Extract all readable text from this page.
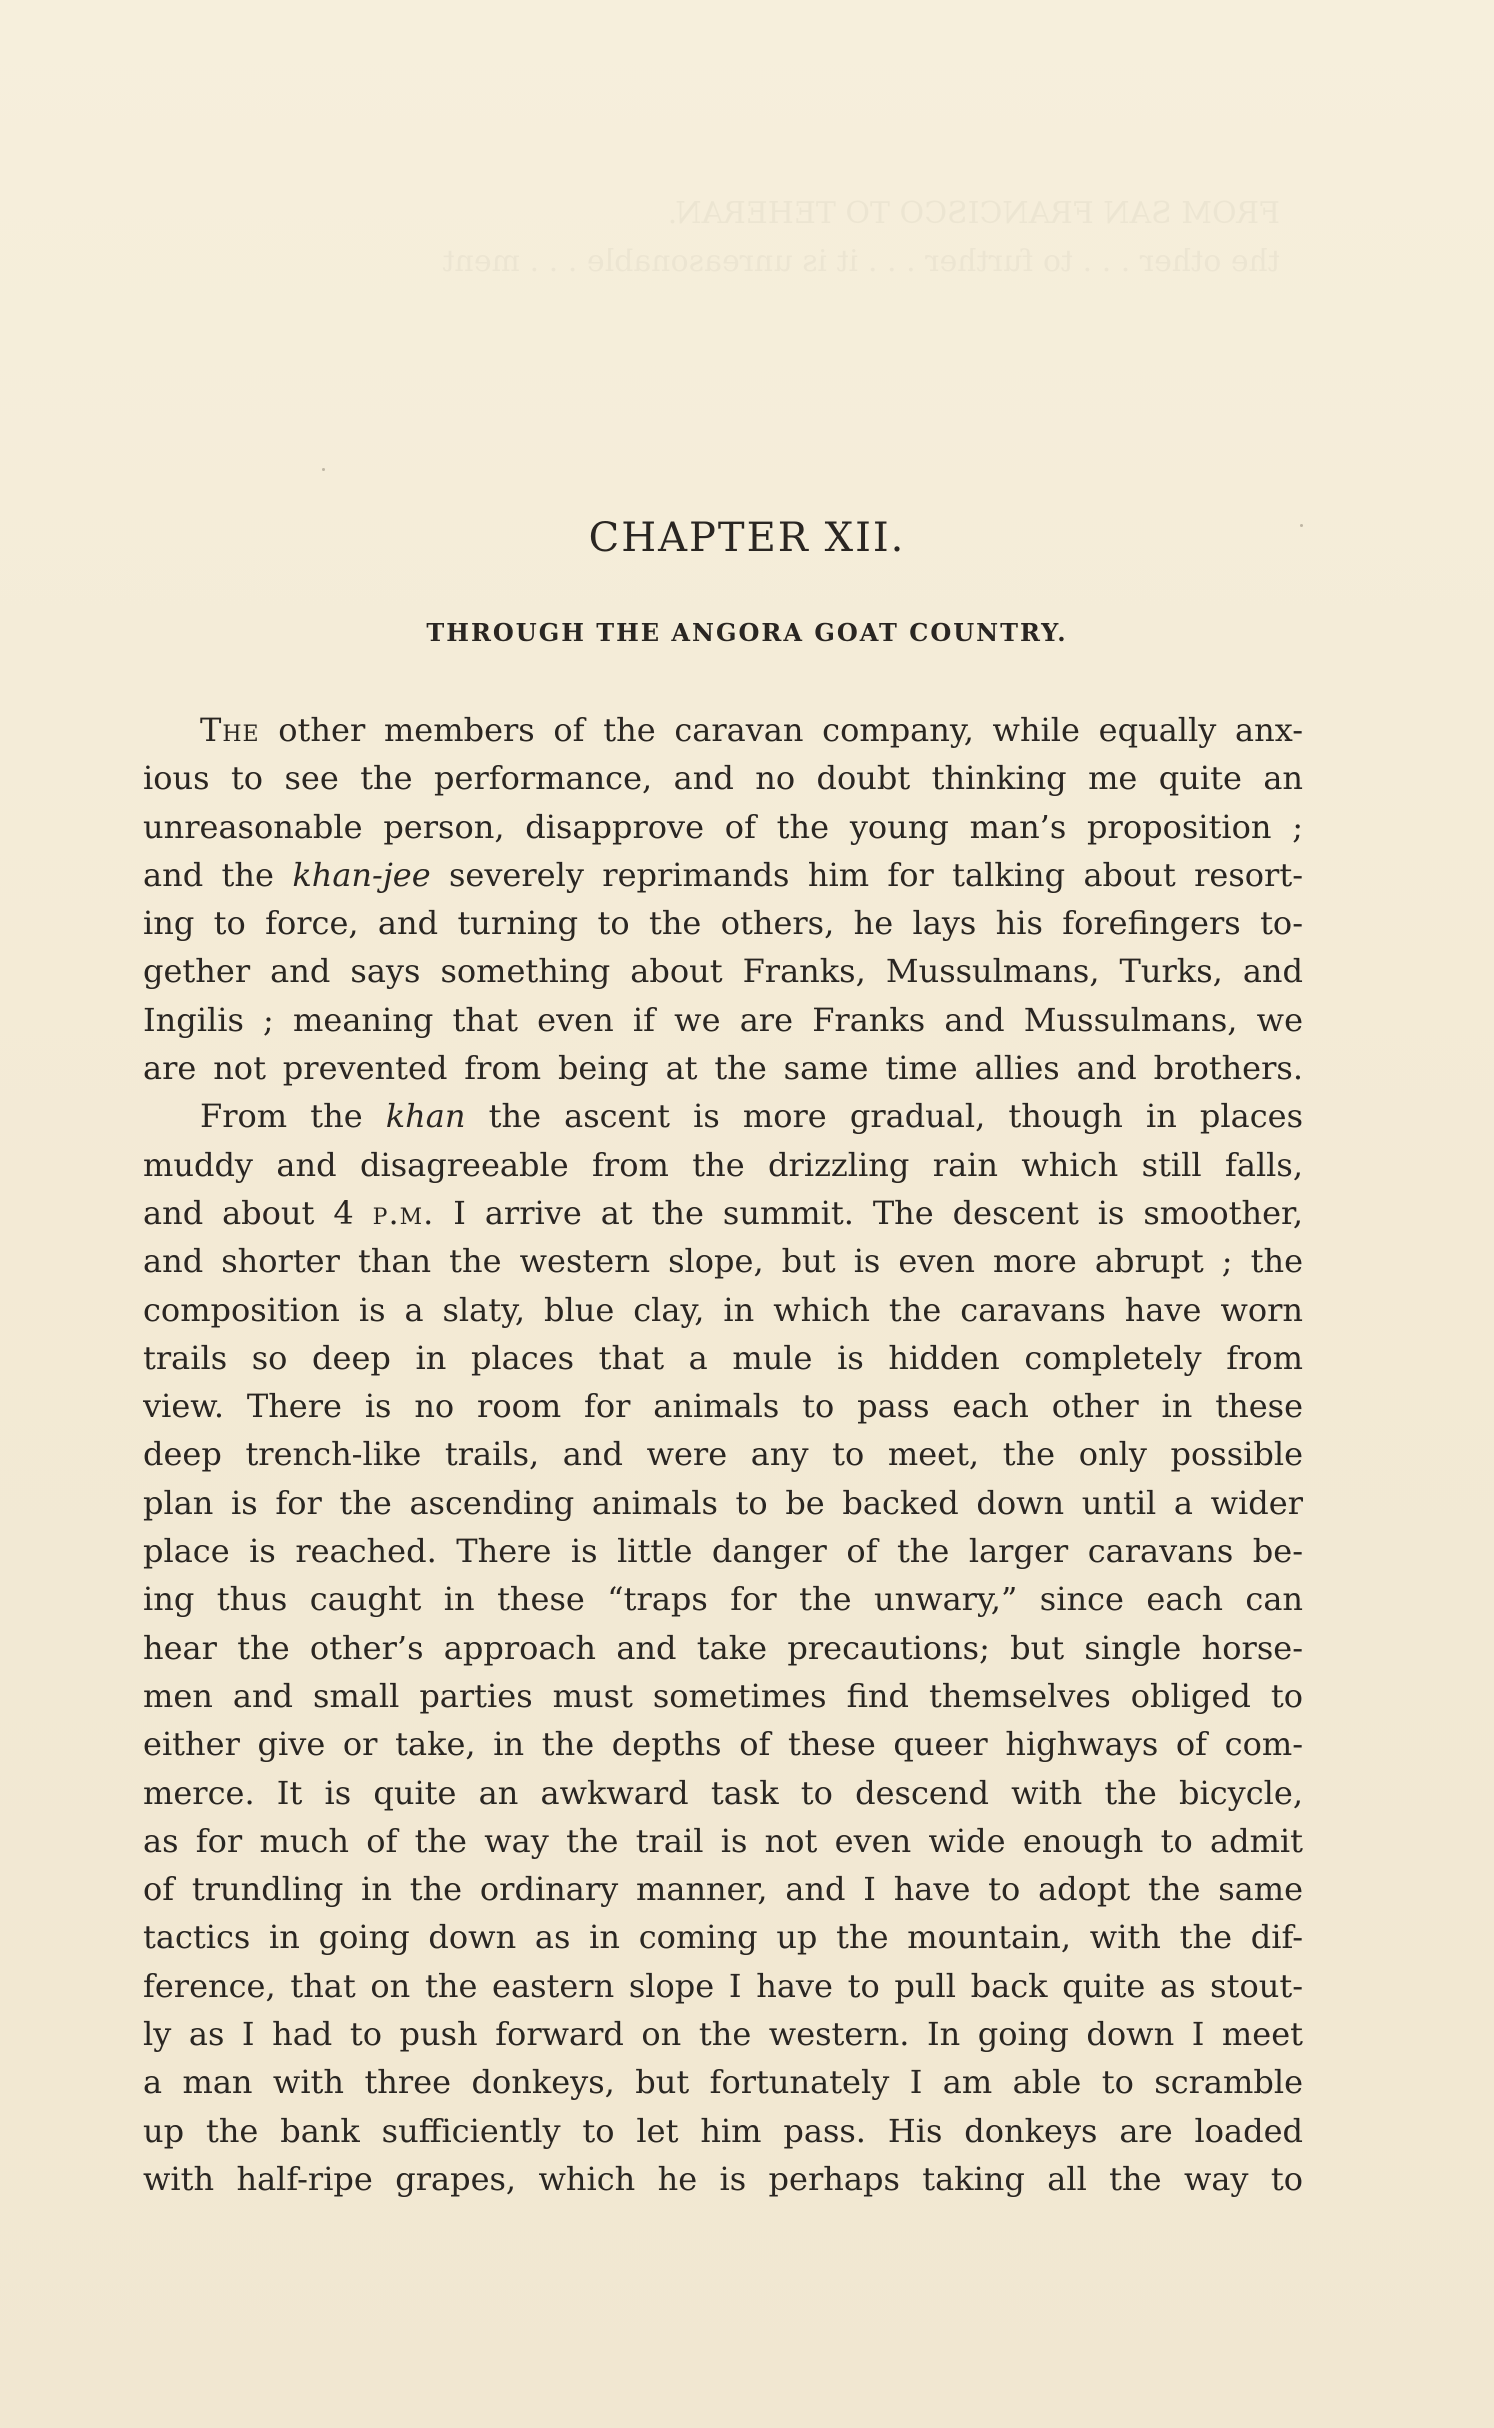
FROM SAN FRANCISCO TO TEHERAN.
the other . . . to further . . . it is unreasonable . . . ment
CHAPTER XII.
THROUGH THE ANGORA GOAT COUNTRY.
The other members of the caravan company, while equally anx-
ious to see the performance, and no doubt thinking me quite an
unreasonable person, disapprove of the young man’s proposition ;
and the khan-jee severely reprimands him for talking about resort-
ing to force, and turning to the others, he lays his forefingers to-
gether and says something about Franks, Mussulmans, Turks, and
Ingilis ; meaning that even if we are Franks and Mussulmans, we
are not prevented from being at the same time allies and brothers.
From the khan the ascent is more gradual, though in places
muddy and disagreeable from the drizzling rain which still falls,
and about 4 p.m. I arrive at the summit. The descent is smoother,
and shorter than the western slope, but is even more abrupt ; the
composition is a slaty, blue clay, in which the caravans have worn
trails so deep in places that a mule is hidden completely from
view. There is no room for animals to pass each other in these
deep trench-like trails, and were any to meet, the only possible
plan is for the ascending animals to be backed down until a wider
place is reached. There is little danger of the larger caravans be-
ing thus caught in these “traps for the unwary,” since each can
hear the other’s approach and take precautions; but single horse-
men and small parties must sometimes find themselves obliged to
either give or take, in the depths of these queer highways of com-
merce. It is quite an awkward task to descend with the bicycle,
as for much of the way the trail is not even wide enough to admit
of trundling in the ordinary manner, and I have to adopt the same
tactics in going down as in coming up the mountain, with the dif-
ference, that on the eastern slope I have to pull back quite as stout-
ly as I had to push forward on the western. In going down I meet
a man with three donkeys, but fortunately I am able to scramble
up the bank sufficiently to let him pass. His donkeys are loaded
with half-ripe grapes, which he is perhaps taking all the way to
